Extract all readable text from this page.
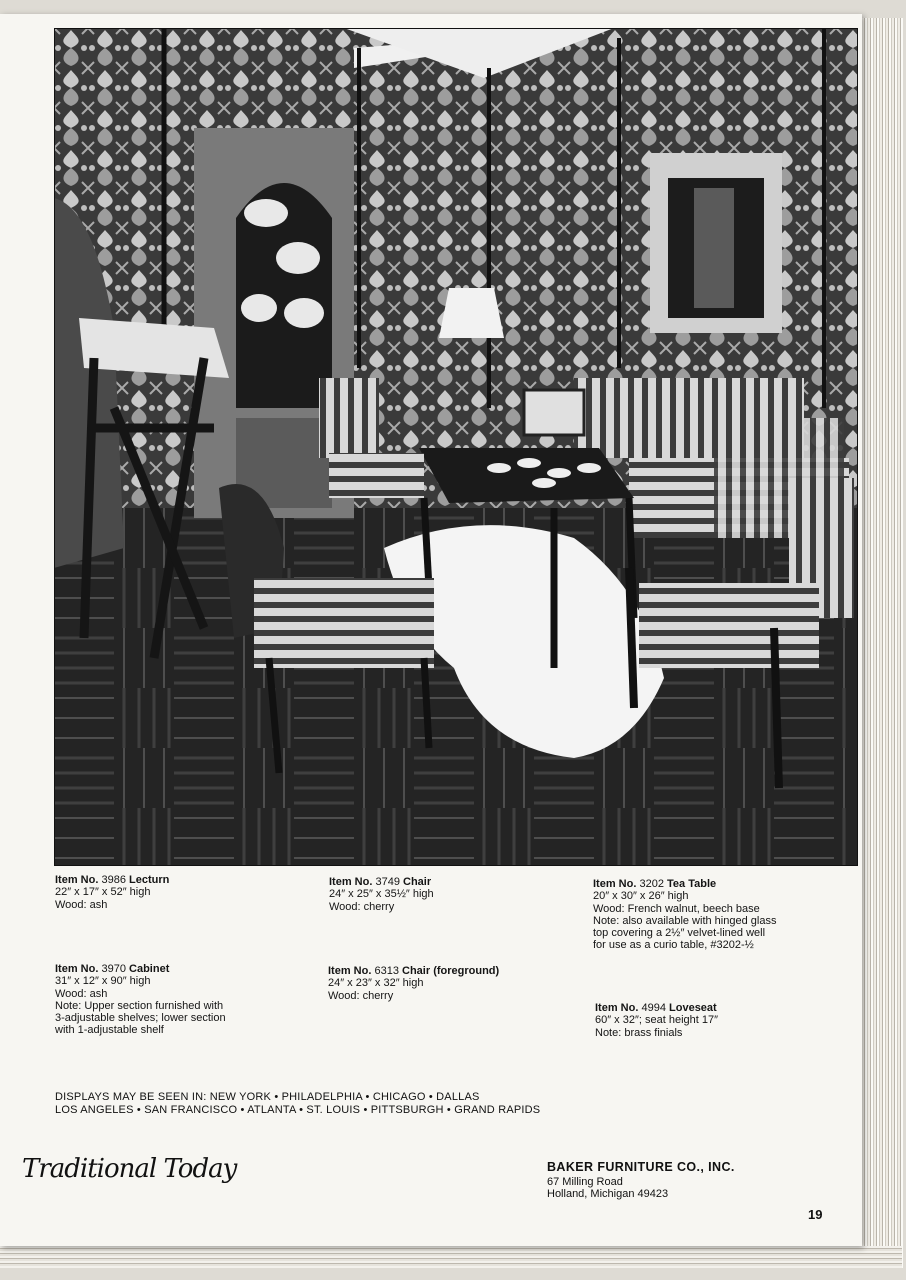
Item No. 3986 Lecturn
22″ x 17″ x 52″ high
Wood: ash
Item No. 3749 Chair
24″ x 25″ x 35½″ high
Wood: cherry
Item No. 3202 Tea Table
20″ x 30″ x 26″ high
Wood: French walnut, beech base
Note: also available with hinged glass
top covering a 2½″ velvet-lined well
for use as a curio table, #3202-½
Item No. 3970 Cabinet
31″ x 12″ x 90″ high
Wood: ash
Note: Upper section furnished with
3-adjustable shelves; lower section
with 1-adjustable shelf
Item No. 6313 Chair (foreground)
24″ x 23″ x 32″ high
Wood: cherry
Item No. 4994 Loveseat
60″ x 32″; seat height 17″
Note: brass finials
DISPLAYS MAY BE SEEN IN: NEW YORK • PHILADELPHIA • CHICAGO • DALLAS
LOS ANGELES • SAN FRANCISCO • ATLANTA • ST. LOUIS • PITTSBURGH • GRAND RAPIDS
Traditional Today	BAKER FURNITURE CO., INC.
67 Milling Road
Holland, Michigan 49423
19
